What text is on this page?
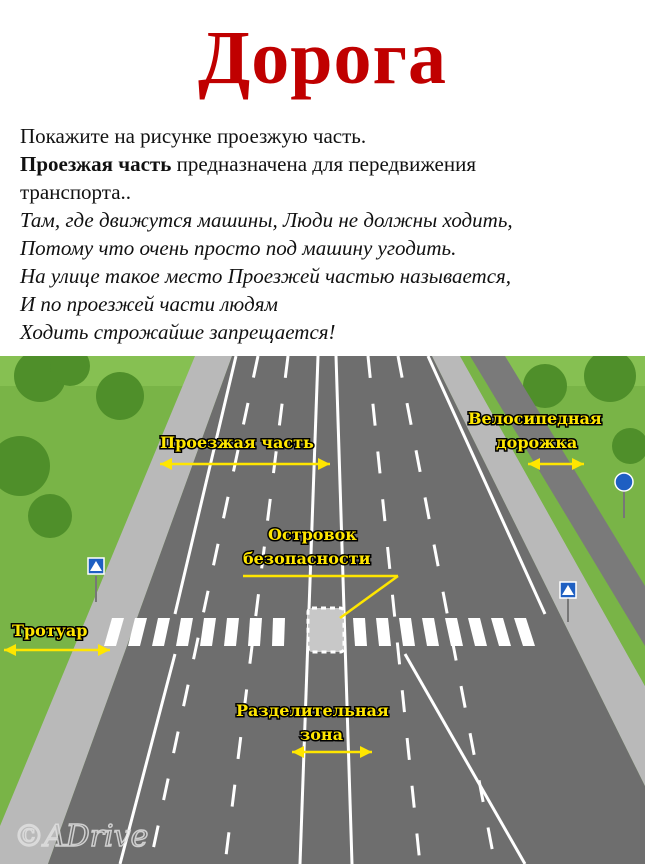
Дорога
Покажите на рисунке проезжую часть.
Проезжая часть предназначена для передвижения
транспорта..
Там, где движутся машины, Люди не должны ходить,
Потому что очень просто под машину угодить.
На улице такое место Проезжей частью называется,
И по проезжей части людям
Ходить строжайше запрещается!
Проезжая часть
Велосипедная
дорожка
Островок
безопасности
Тротуар
Разделительная
зона
©ADrive
